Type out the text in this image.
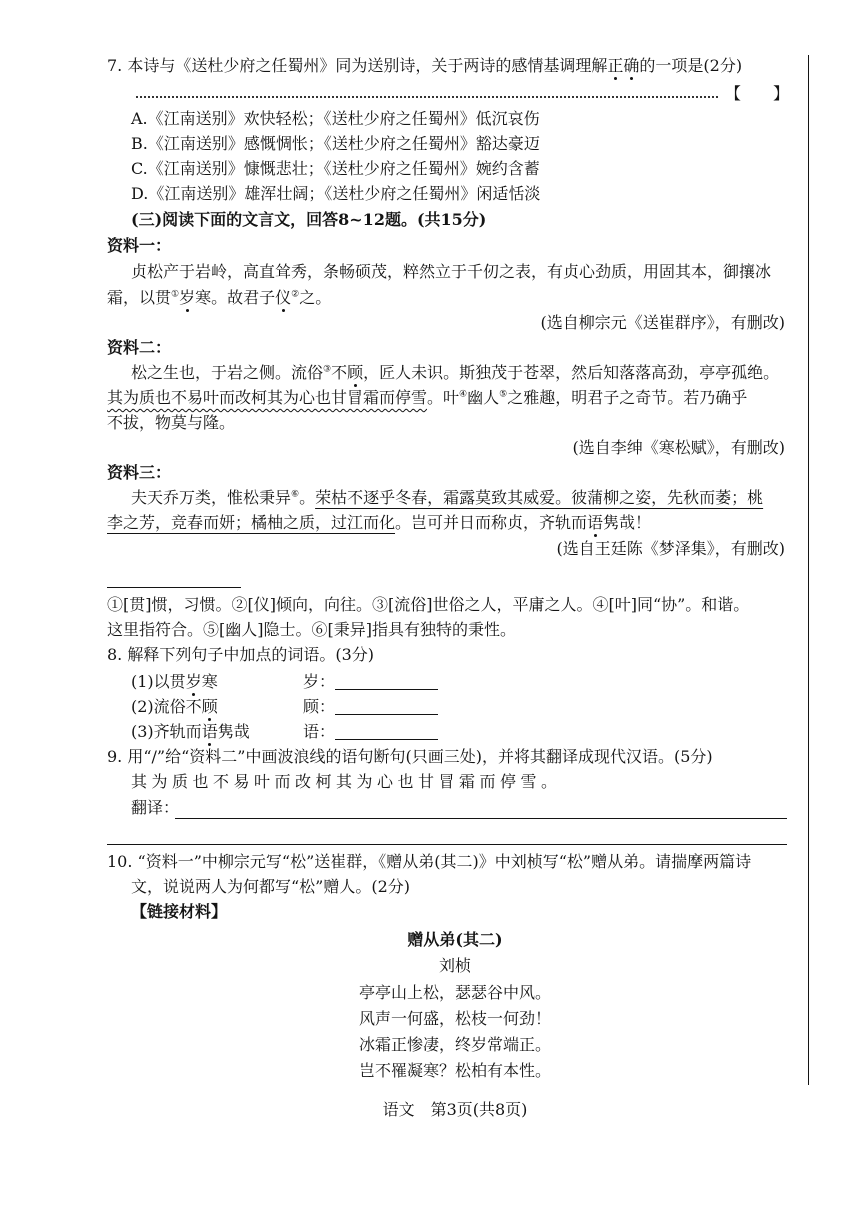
7. 本诗与《送杜少府之任蜀州》同为送别诗，关于两诗的感情基调理解正确的一项是(2分)
【　　】
A.《江南送别》欢快轻松；《送杜少府之任蜀州》低沉哀伤
B.《江南送别》感慨惆怅；《送杜少府之任蜀州》豁达豪迈
C.《江南送别》慷慨悲壮；《送杜少府之任蜀州》婉约含蓄
D.《江南送别》雄浑壮阔；《送杜少府之任蜀州》闲适恬淡
(三)阅读下面的文言文，回答8~12题。(共15分)
资料一：
贞松产于岩岭，高直耸秀，条畅硕茂，粹然立于千仞之表，有贞心劲质，用固其本，御攘冰
霜，以贯①岁寒。故君子仪②之。
(选自柳宗元《送崔群序》，有删改)
资料二：
松之生也，于岩之侧。流俗③不顾，匠人未识。斯独茂于苍翠，然后知落落高劲，亭亭孤绝。
其为质也不易叶而改柯其为心也甘冒霜而停雪。叶④幽人⑤之雅趣，明君子之奇节。若乃确乎
不拔，物莫与隆。
(选自李绅《寒松赋》，有删改)
资料三：
夫天乔万类，惟松秉异⑥。荣枯不逐乎冬春，霜露莫致其威爱。彼蒲柳之姿，先秋而萎；桃
李之芳，竞春而妍；橘柚之质，过江而化。岂可并日而称贞，齐轨而语隽哉！
(选自王廷陈《梦泽集》，有删改)
①[贯]惯，习惯。②[仪]倾向，向往。③[流俗]世俗之人，平庸之人。④[叶]同“协”。和谐。
这里指符合。⑤[幽人]隐士。⑥[秉异]指具有独特的秉性。
8. 解释下列句子中加点的词语。(3分)
(1)以贯岁寒	岁：
(2)流俗不顾	顾：
(3)齐轨而语隽哉	语：
9. 用“/”给“资料二”中画波浪线的语句断句(只画三处)，并将其翻译成现代汉语。(5分)
其为质也不易叶而改柯其为心也甘冒霜而停雪。
翻译：
10. “资料一”中柳宗元写“松”送崔群，《赠从弟(其二)》中刘桢写“松”赠从弟。请揣摩两篇诗
文，说说两人为何都写“松”赠人。(2分)
【链接材料】
赠从弟(其二)
刘桢
亭亭山上松，瑟瑟谷中风。
风声一何盛，松枝一何劲！
冰霜正惨凄，终岁常端正。
岂不罹凝寒？松柏有本性。
语文　第3页(共8页)
